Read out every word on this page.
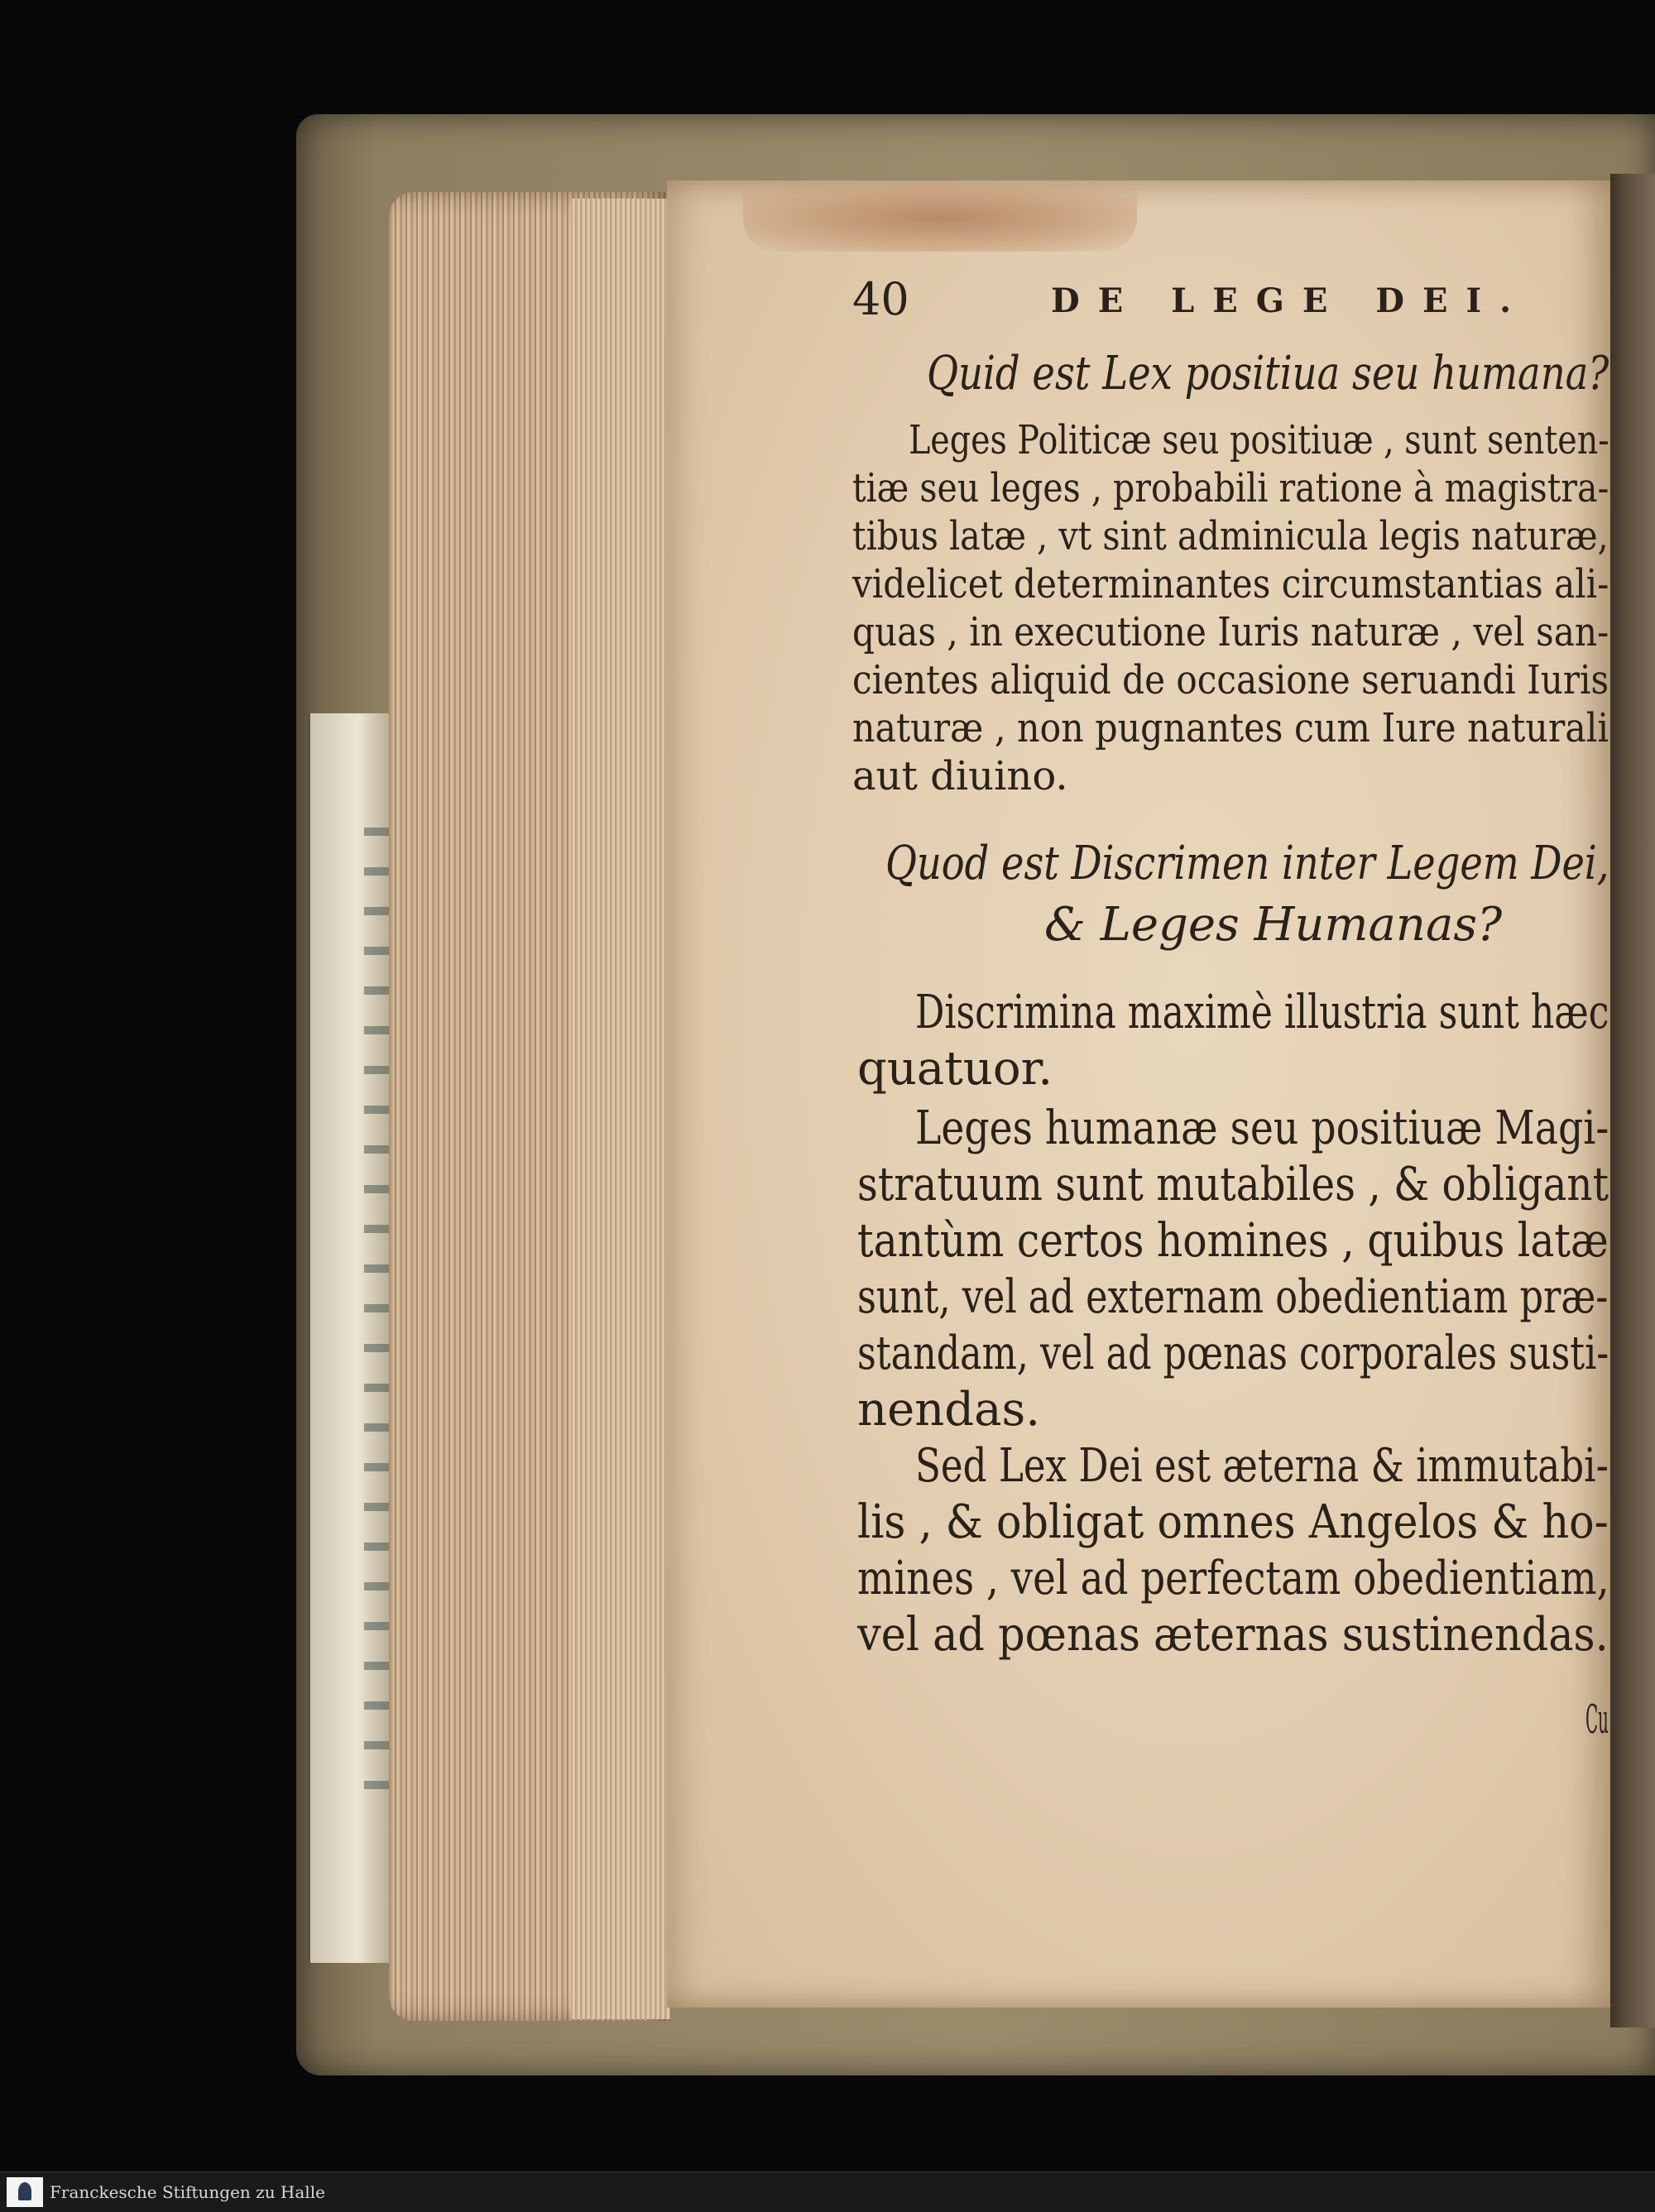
40	DE LEGE DEI.
Quid est Lex positiua seu humana?
Leges Politicæ seu positiuæ , sunt senten-
tiæ seu leges , probabili ratione à magistra-
tibus latæ , vt sint adminicula legis naturæ,
videlicet determinantes circumstantias ali-
quas , in executione Iuris naturæ , vel san-
cientes aliquid de occasione seruandi Iuris
naturæ , non pugnantes cum Iure naturali
aut diuino.
Quod est Discrimen inter Legem Dei,
& Leges Humanas?
Discrimina maximè illustria sunt hæc
quatuor.
Leges humanæ seu positiuæ Magi-
stratuum sunt mutabiles , & obligant
tantùm certos homines , quibus latæ
sunt, vel ad externam obedientiam præ-
standam, vel ad pœnas corporales susti-
nendas.
Sed Lex Dei est æterna & immutabi-
lis , & obligat omnes Angelos & ho-
mines , vel ad perfectam obedientiam,
vel ad pœnas æternas sustinendas.
Cu
Franckesche Stiftungen zu Halle
